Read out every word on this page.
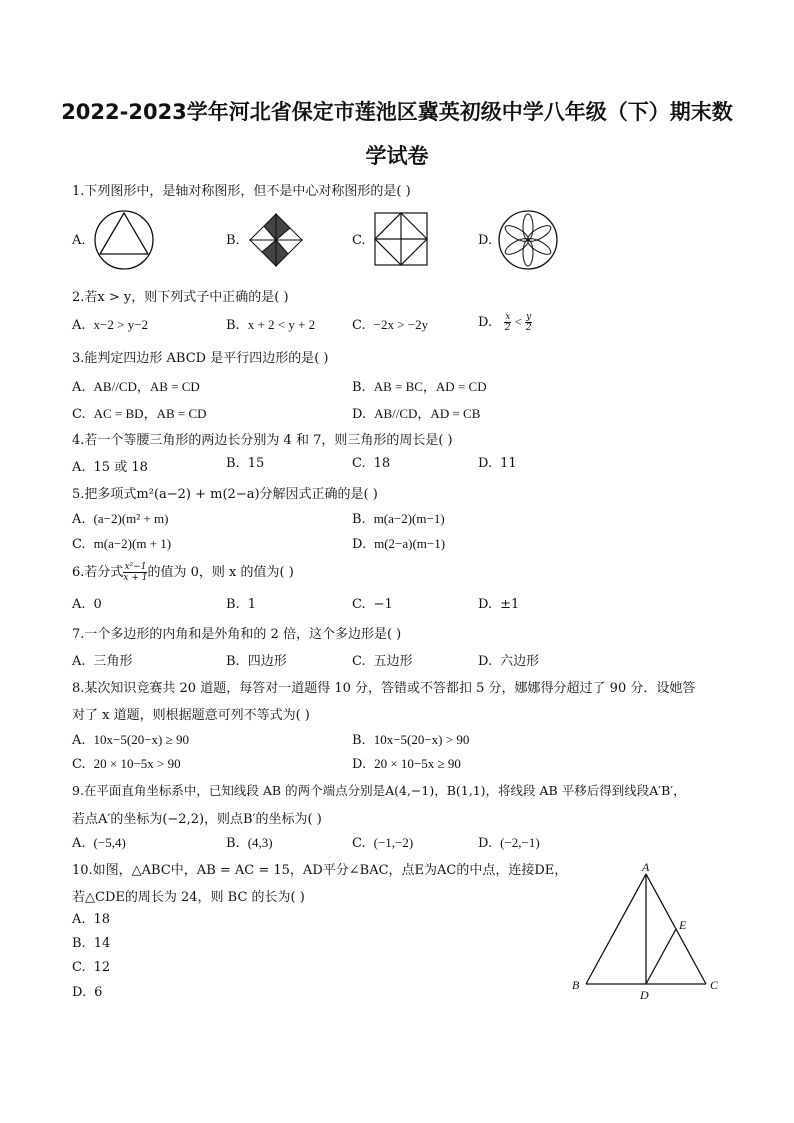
2022-2023学年河北省保定市莲池区冀英初级中学八年级（下）期末数
学试卷
1.下列图形中，是轴对称图形，但不是中心对称图形的是( )
A.	B.	C.	D.
2.若x > y，则下列式子中正确的是( )
A. x−2 > y−2	B. x + 2 < y + 2	C. −2x > −2y	D. $\frac{x}{2} < \frac{y}{2}$
3.能判定四边形 ABCD 是平行四边形的是( )
A. AB//CD，AB = CD	B. AB = BC，AD = CD
C. AC = BD，AB = CD	D. AB//CD，AD = CB
4.若一个等腰三角形的两边长分别为 4 和 7，则三角形的周长是( )
A. 15 或 18	B. 15	C. 18	D. 11
5.把多项式m²(a−2) + m(2−a)分解因式正确的是( )
A. (a−2)(m² + m)	B. m(a−2)(m−1)
C. m(a−2)(m + 1)	D. m(2−a)(m−1)
6.若分式 $\frac{\text{x²−1}}{x + 1}$ 的值为 0，则 x 的值为( )
A. 0	B. 1	C. −1	D. ±1
7.一个多边形的内角和是外角和的 2 倍，这个多边形是( )
A. 三角形	B. 四边形	C. 五边形	D. 六边形
8.某次知识竞赛共 20 道题，每答对一道题得 10 分，答错或不答都扣 5 分，娜娜得分超过了 90 分．设她答
对了 x 道题，则根据题意可列不等式为( )
A. 10x−5(20−x) ≥ 90	B. 10x−5(20−x) > 90
C. 20 × 10−5x > 90	D. 20 × 10−5x ≥ 90
9.在平面直角坐标系中，已知线段 AB 的两个端点分别是A(4,−1)，B(1,1)，将线段 AB 平移后得到线段A′B′，
若点A′的坐标为(−2,2)，则点B′的坐标为( )
A. (−5,4)	B. (4,3)	C. (−1,−2)	D. (−2,−1)
10.如图，△ABC中，AB = AC = 15，AD平分∠BAC，点E为AC的中点，连接DE，
若△CDE的周长为 24，则 BC 的长为( )
A. 18
B. 14
C. 12
D. 6
A
B	C
D
E
